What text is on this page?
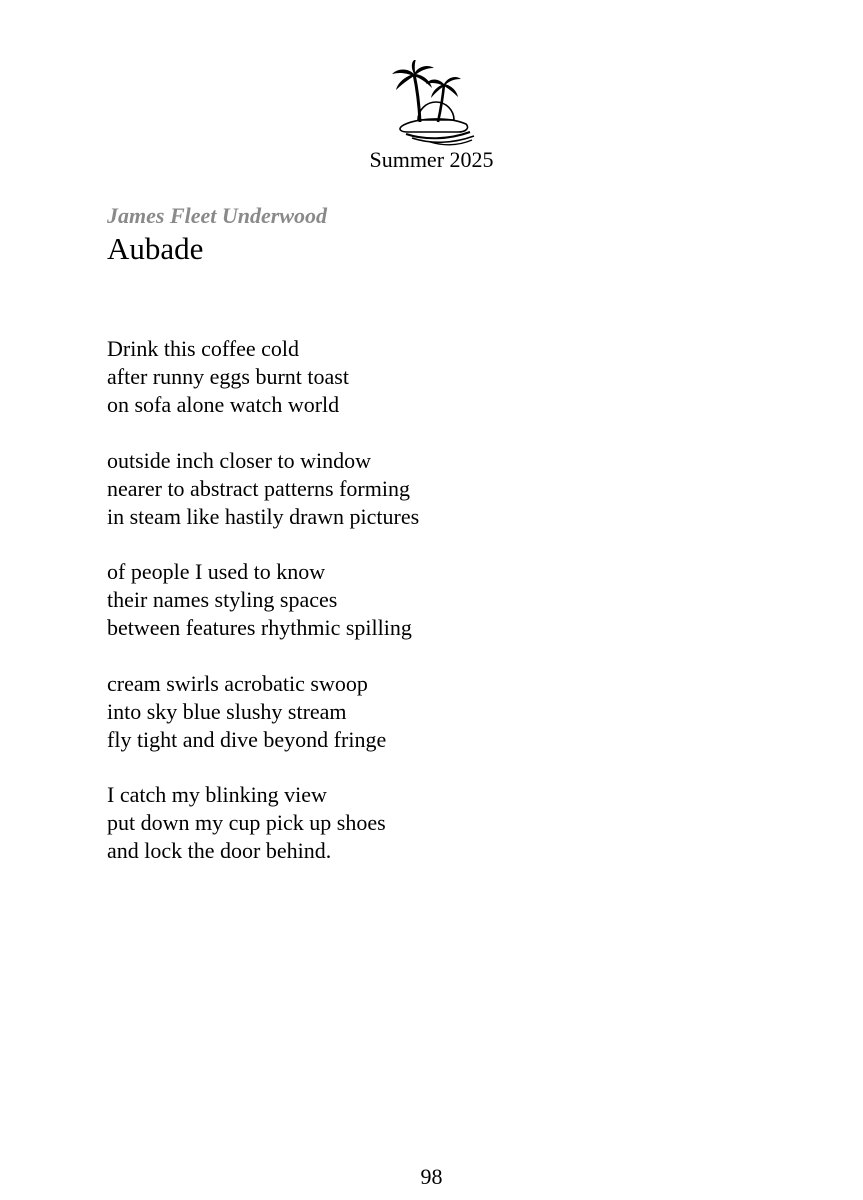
Summer 2025
James Fleet Underwood
Aubade
Drink this coffee cold
after runny eggs burnt toast
on sofa alone watch world
outside inch closer to window
nearer to abstract patterns forming
in steam like hastily drawn pictures
of people I used to know
their names styling spaces
between features rhythmic spilling
cream swirls acrobatic swoop
into sky blue slushy stream
fly tight and dive beyond fringe
I catch my blinking view
put down my cup pick up shoes
and lock the door behind.
98
